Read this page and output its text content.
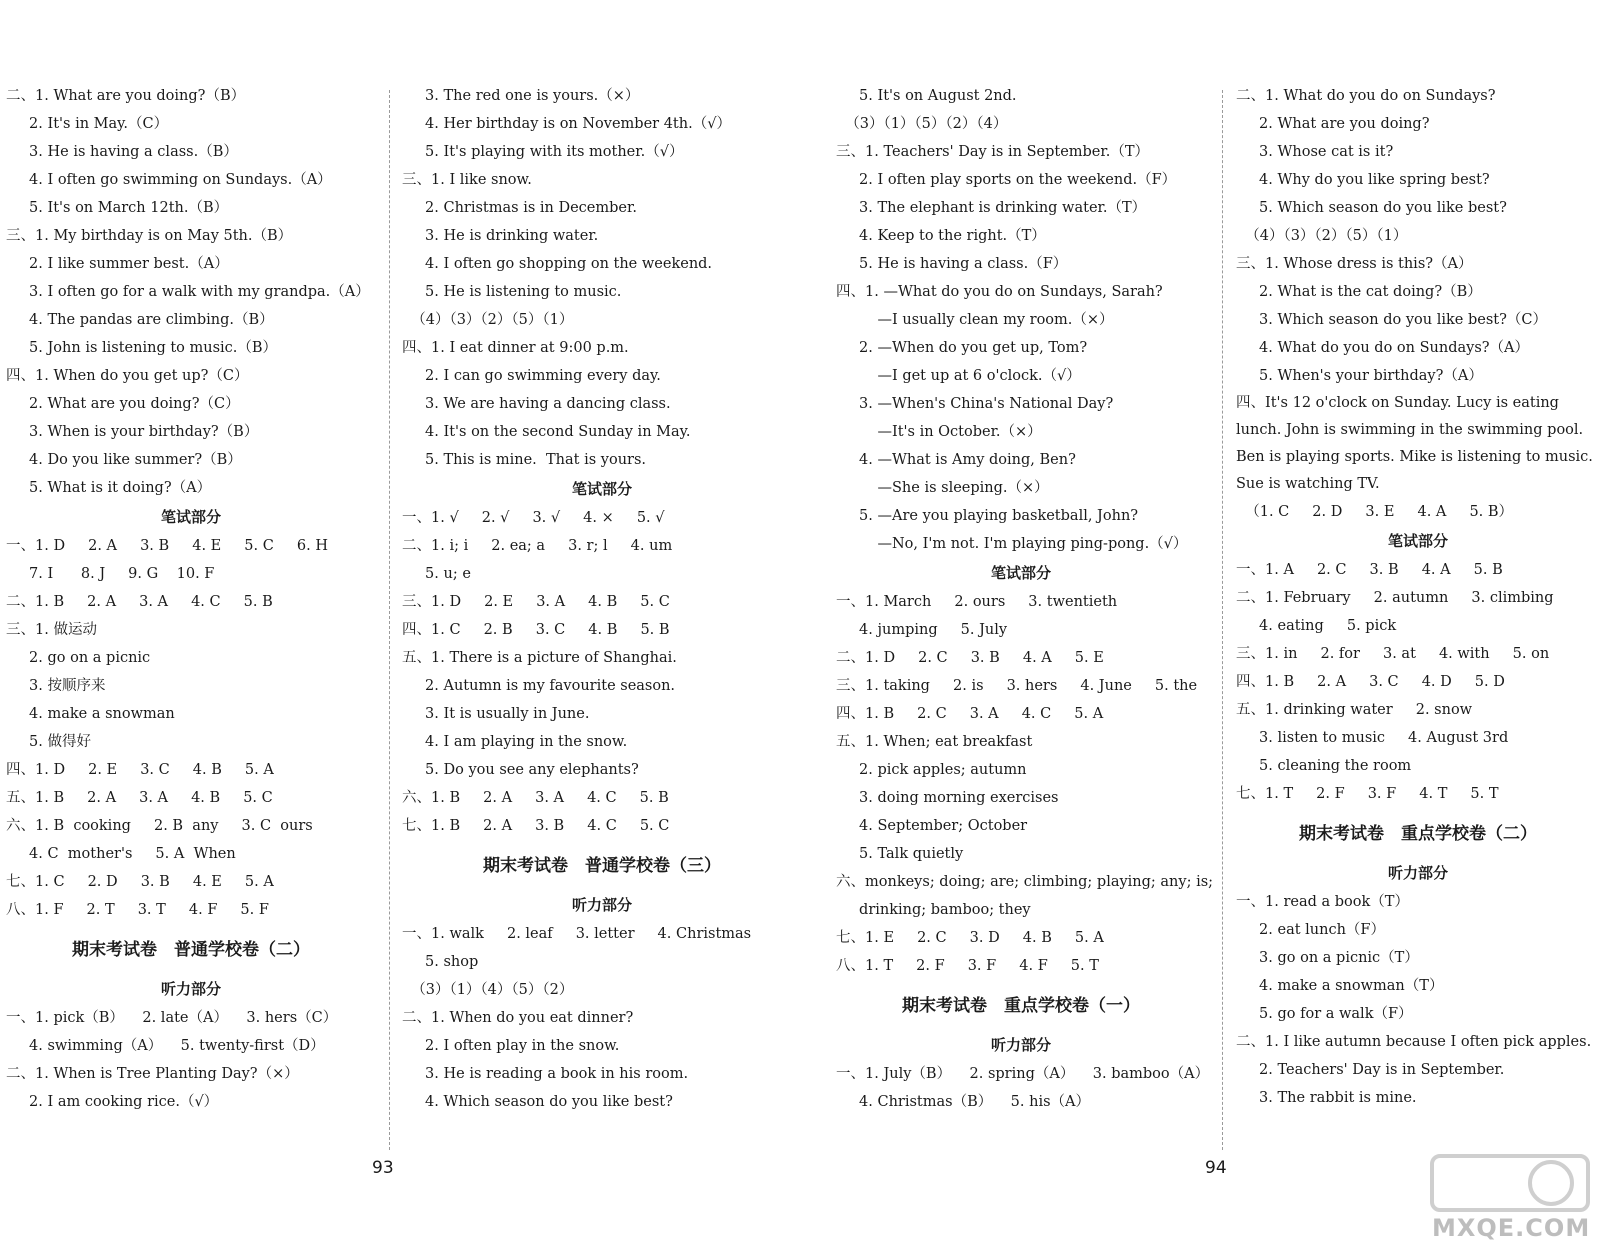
二、1. What are you doing?（B）
2. It's in May.（C）
3. He is having a class.（B）
4. I often go swimming on Sundays.（A）
5. It's on March 12th.（B）
三、1. My birthday is on May 5th.（B）
2. I like summer best.（A）
3. I often go for a walk with my grandpa.（A）
4. The pandas are climbing.（B）
5. John is listening to music.（B）
四、1. When do you get up?（C）
2. What are you doing?（C）
3. When is your birthday?（B）
4. Do you like summer?（B）
5. What is it doing?（A）
笔试部分
一、1. D     2. A     3. B     4. E     5. C     6. H
7. I      8. J     9. G    10. F
二、1. B     2. A     3. A     4. C     5. B
三、1. 做运动
2. go on a picnic
3. 按顺序来
4. make a snowman
5. 做得好
四、1. D     2. E     3. C     4. B     5. A
五、1. B     2. A     3. A     4. B     5. C
六、1. B  cooking     2. B  any     3. C  ours
4. C  mother's     5. A  When
七、1. C     2. D     3. B     4. E     5. A
八、1. F     2. T     3. T     4. F     5. F
期末考试卷　普通学校卷（二）
听力部分
一、1. pick（B）    2. late（A）    3. hers（C）
4. swimming（A）    5. twenty-first（D）
二、1. When is Tree Planting Day?（×）
2. I am cooking rice.（√）
3. The red one is yours.（×）
4. Her birthday is on November 4th.（√）
5. It's playing with its mother.（√）
三、1. I like snow.
2. Christmas is in December.
3. He is drinking water.
4. I often go shopping on the weekend.
5. He is listening to music.
（4）（3）（2）（5）（1）
四、1. I eat dinner at 9:00 p.m.
2. I can go swimming every day.
3. We are having a dancing class.
4. It's on the second Sunday in May.
5. This is mine.  That is yours.
笔试部分
一、1. √     2. √     3. √     4. ×     5. √
二、1. i; i     2. ea; a     3. r; l     4. um
5. u; e
三、1. D     2. E     3. A     4. B     5. C
四、1. C     2. B     3. C     4. B     5. B
五、1. There is a picture of Shanghai.
2. Autumn is my favourite season.
3. It is usually in June.
4. I am playing in the snow.
5. Do you see any elephants?
六、1. B     2. A     3. A     4. C     5. B
七、1. B     2. A     3. B     4. C     5. C
期末考试卷　普通学校卷（三）
听力部分
一、1. walk     2. leaf     3. letter     4. Christmas
5. shop
（3）（1）（4）（5）（2）
二、1. When do you eat dinner?
2. I often play in the snow.
3. He is reading a book in his room.
4. Which season do you like best?
5. It's on August 2nd.
（3）（1）（5）（2）（4）
三、1. Teachers' Day is in September.（T）
2. I often play sports on the weekend.（F）
3. The elephant is drinking water.（T）
4. Keep to the right.（T）
5. He is having a class.（F）
四、1. —What do you do on Sundays, Sarah?
—I usually clean my room.（×）
2. —When do you get up, Tom?
—I get up at 6 o'clock.（√）
3. —When's China's National Day?
—It's in October.（×）
4. —What is Amy doing, Ben?
—She is sleeping.（×）
5. —Are you playing basketball, John?
—No, I'm not. I'm playing ping-pong.（√）
笔试部分
一、1. March     2. ours     3. twentieth
4. jumping     5. July
二、1. D     2. C     3. B     4. A     5. E
三、1. taking     2. is     3. hers     4. June     5. the
四、1. B     2. C     3. A     4. C     5. A
五、1. When; eat breakfast
2. pick apples; autumn
3. doing morning exercises
4. September; October
5. Talk quietly
六、monkeys; doing; are; climbing; playing; any; is;
drinking; bamboo; they
七、1. E     2. C     3. D     4. B     5. A
八、1. T     2. F     3. F     4. F     5. T
期末考试卷　重点学校卷（一）
听力部分
一、1. July（B）    2. spring（A）    3. bamboo（A）
4. Christmas（B）    5. his（A）
二、1. What do you do on Sundays?
2. What are you doing?
3. Whose cat is it?
4. Why do you like spring best?
5. Which season do you like best?
（4）（3）（2）（5）（1）
三、1. Whose dress is this?（A）
2. What is the cat doing?（B）
3. Which season do you like best?（C）
4. What do you do on Sundays?（A）
5. When's your birthday?（A）
四、It's 12 o'clock on Sunday. Lucy is eating lunch. John is swimming in the swimming pool. Ben is playing sports. Mike is listening to music. Sue is watching TV.
（1. C     2. D     3. E     4. A     5. B）
笔试部分
一、1. A     2. C     3. B     4. A     5. B
二、1. February     2. autumn     3. climbing
4. eating     5. pick
三、1. in     2. for     3. at     4. with     5. on
四、1. B     2. A     3. C     4. D     5. D
五、1. drinking water     2. snow
3. listen to music     4. August 3rd
5. cleaning the room
七、1. T     2. F     3. F     4. T     5. T
期末考试卷　重点学校卷（二）
听力部分
一、1. read a book（T）
2. eat lunch（F）
3. go on a picnic（T）
4. make a snowman（T）
5. go for a walk（F）
二、1. I like autumn because I often pick apples.
2. Teachers' Day is in September.
3. The rabbit is mine.
93	94
MXQE.COM
